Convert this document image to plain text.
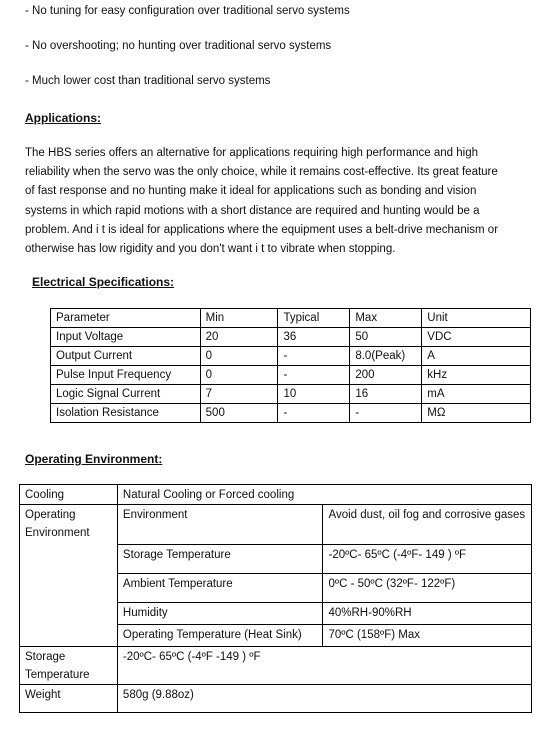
- No tuning for easy configuration over traditional servo systems
- No overshooting; no hunting over traditional servo systems
- Much lower cost than traditional servo systems
Applications:
The HBS series offers an alternative for applications requiring high performance and high
reliability when the servo was the only choice, while it remains cost-effective. Its great feature
of fast response and no hunting make it ideal for applications such as bonding and vision
systems in which rapid motions with a short distance are required and hunting would be a
problem. And i t is ideal for applications where the equipment uses a belt-drive mechanism or
otherwise has low rigidity and you don't want i t to vibrate when stopping.
Electrical Specifications:
Parameter	Min	Typical	Max	Unit
Input Voltage	20	36	50	VDC
Output Current	0	-	8.0(Peak)	A
Pulse Input Frequency	0	-	200	kHz
Logic Signal Current	7	10	16	mA
Isolation Resistance	500	-	-	MΩ
Operating Environment:
Cooling	Natural Cooling or Forced cooling	
Operating Environment	Environment	Avoid dust, oil fog and corrosive gases
	Storage Temperature	-20ºC- 65ºC (-4ºF- 149 ) ºF
	Ambient Temperature	0ºC - 50ºC (32ºF- 122ºF)
	Humidity	40%RH-90%RH
	Operating Temperature (Heat Sink)	70ºC (158ºF) Max
Storage Temperature	-20ºC- 65ºC (-4ºF -149 ) ºF	
Weight	580g (9.88oz)	
